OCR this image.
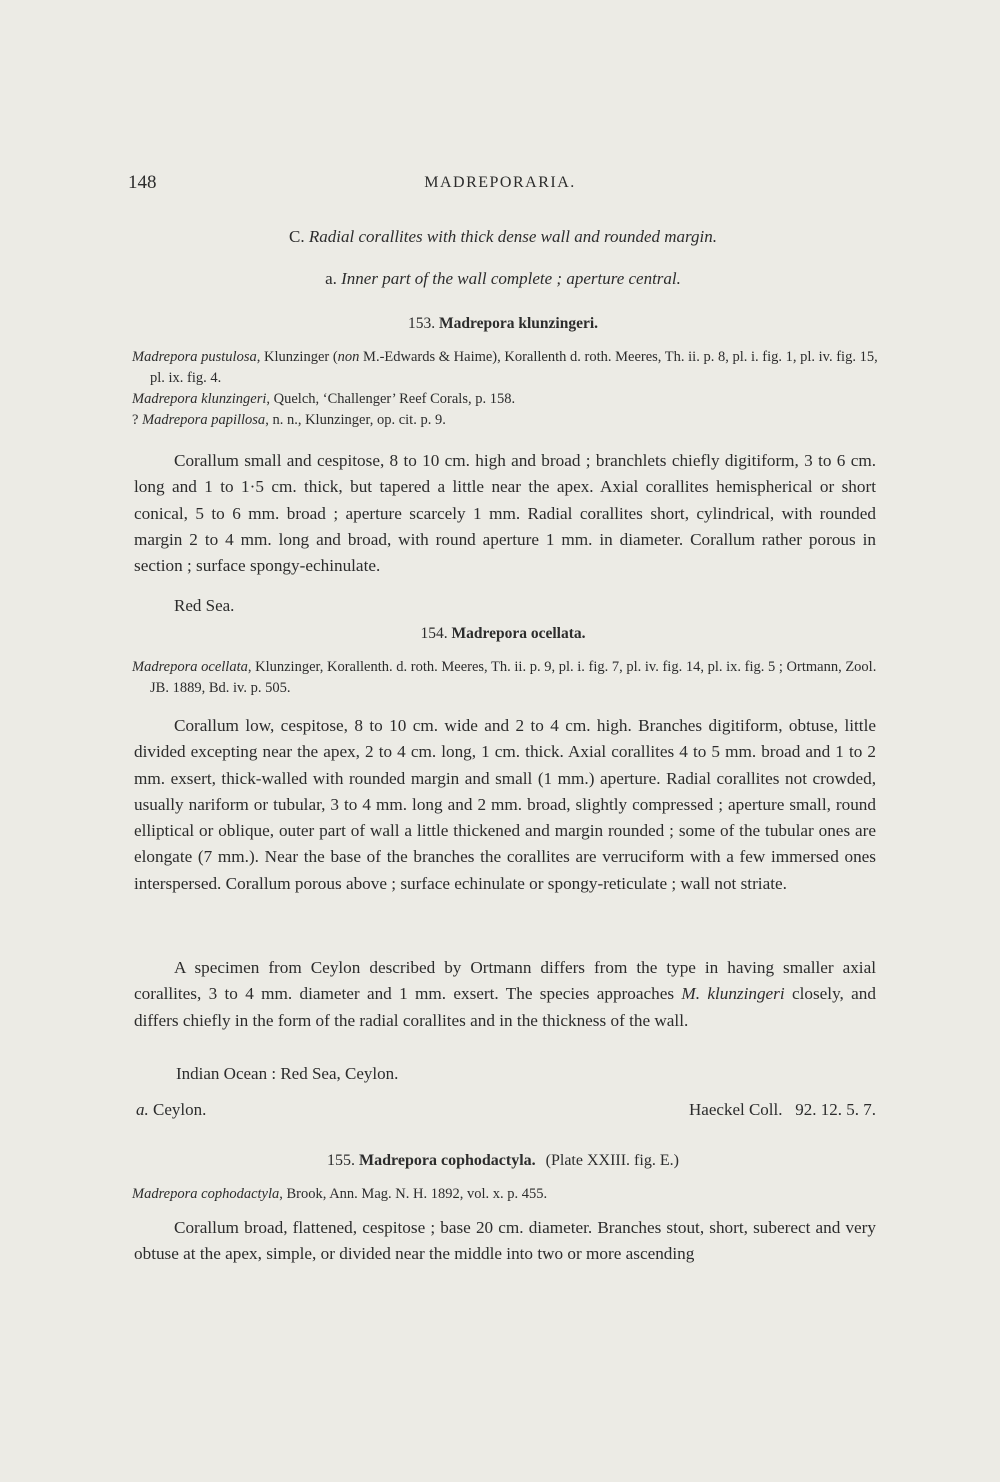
148	MADREPORARIA.
C. Radial corallites with thick dense wall and rounded margin.
a. Inner part of the wall complete ; aperture central.
153. Madrepora klunzingeri.

Madrepora pustulosa, Klunzinger (non M.-Edwards & Haime), Korallenth d. roth. Meeres, Th. ii. p. 8, pl. i. fig. 1, pl. iv. fig. 15, pl. ix. fig. 4.

Madrepora klunzingeri, Quelch, ‘Challenger’ Reef Corals, p. 158.

? Madrepora papillosa, n. n., Klunzinger, op. cit. p. 9.

Corallum small and cespitose, 8 to 10 cm. high and broad ; branchlets chiefly digitiform, 3 to 6 cm. long and 1 to 1·5 cm. thick, but tapered a little near the apex. Axial corallites hemispherical or short conical, 5 to 6 mm. broad ; aperture scarcely 1 mm. Radial corallites short, cylindrical, with rounded margin 2 to 4 mm. long and broad, with round aperture 1 mm. in diameter. Corallum rather porous in section ; surface spongy-echinulate.

Red Sea.
154. Madrepora ocellata.

Madrepora ocellata, Klunzinger, Korallenth. d. roth. Meeres, Th. ii. p. 9, pl. i. fig. 7, pl. iv. fig. 14, pl. ix. fig. 5 ; Ortmann, Zool. JB. 1889, Bd. iv. p. 505.

Corallum low, cespitose, 8 to 10 cm. wide and 2 to 4 cm. high. Branches digitiform, obtuse, little divided excepting near the apex, 2 to 4 cm. long, 1 cm. thick. Axial corallites 4 to 5 mm. broad and 1 to 2 mm. exsert, thick-walled with rounded margin and small (1 mm.) aperture. Radial corallites not crowded, usually nariform or tubular, 3 to 4 mm. long and 2 mm. broad, slightly compressed ; aperture small, round elliptical or oblique, outer part of wall a little thickened and margin rounded ; some of the tubular ones are elongate (7 mm.). Near the base of the branches the corallites are verruciform with a few immersed ones interspersed. Corallum porous above ; surface echinulate or spongy-reticulate ; wall not striate.

A specimen from Ceylon described by Ortmann differs from the type in having smaller axial corallites, 3 to 4 mm. diameter and 1 mm. exsert. The species approaches M. klunzingeri closely, and differs chiefly in the form of the radial corallites and in the thickness of the wall.

Indian Ocean : Red Sea, Ceylon.
a. Ceylon.	Haeckel Coll.   92. 12. 5. 7.
155. Madrepora cophodactyla. (Plate XXIII. fig. E.)

Madrepora cophodactyla, Brook, Ann. Mag. N. H. 1892, vol. x. p. 455.

Corallum broad, flattened, cespitose ; base 20 cm. diameter. Branches stout, short, suberect and very obtuse at the apex, simple, or divided near the middle into two or more ascending
